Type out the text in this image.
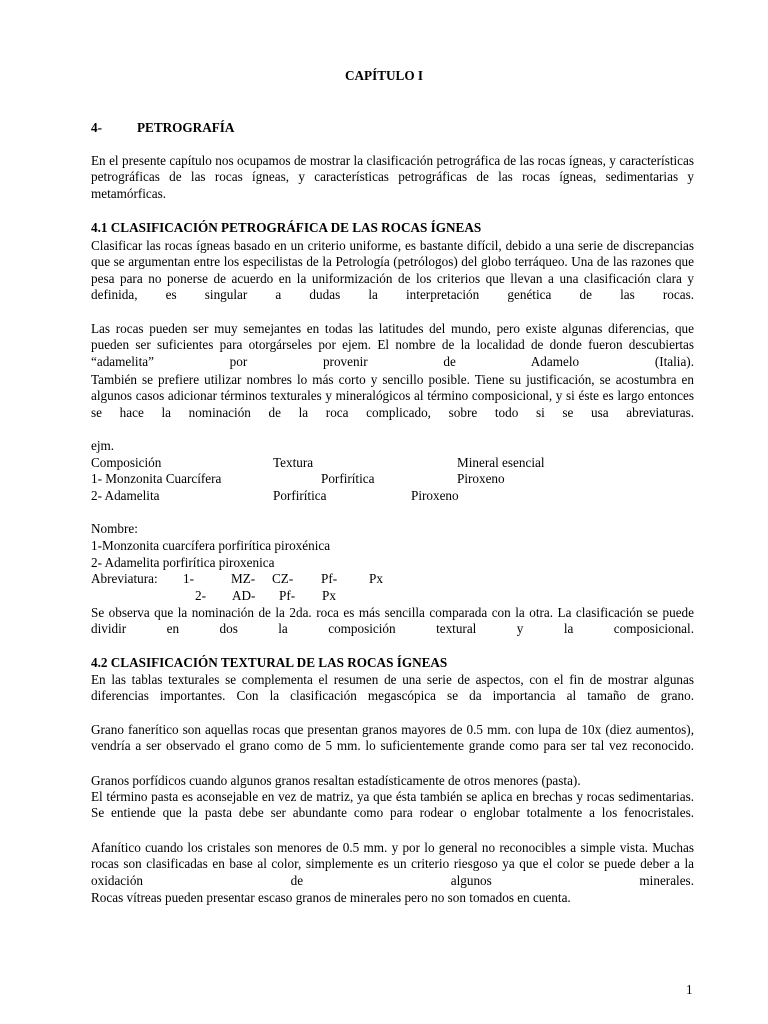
CAPÍTULO I
4-	PETROGRAFÍA
En el presente capítulo nos ocupamos de mostrar la clasificación petrográfica de las rocas ígneas, y características petrográficas de las rocas ígneas, y características petrográficas de las rocas ígneas, sedimentarias y metamórficas.
4.1 CLASIFICACIÓN PETROGRÁFICA DE LAS ROCAS ÍGNEAS
Clasificar las rocas ígneas basado en un criterio uniforme, es bastante difícil, debido a una serie de discrepancias que se argumentan entre los especilistas de la Petrología (petrólogos) del globo terráqueo. Una de las razones que pesa para no ponerse de acuerdo en la uniformización de los criterios que llevan a una clasificación clara y definida, es singular a dudas la interpretación genética de las rocas.
Las rocas pueden ser muy semejantes en todas las latitudes del mundo, pero existe algunas diferencias, que pueden ser suficientes para otorgárseles por ejem. El nombre de la localidad de donde fueron descubiertas “adamelita” por provenir de Adamelo (Italia).
También se prefiere utilizar nombres lo más corto y sencillo posible. Tiene su justificación, se acostumbra en algunos casos adicionar términos texturales y mineralógicos al término composicional, y si éste es largo entonces se hace la nominación de la roca complicado, sobre todo si se usa abreviaturas.
ejm.
Composición	Textura	Mineral esencial
1- Monzonita Cuarcífera	Porfirítica	Piroxeno
2- Adamelita	Porfirítica	Piroxeno
Nombre:
1-Monzonita cuarcífera porfirítica piroxénica
2- Adamelita porfirítica piroxenica
Abreviatura: 1-	MZ- CZ- Pf- Px
2- AD- Pf- Px
Se observa que la nominación de la 2da. roca es más sencilla comparada con la otra. La clasificación se puede dividir en dos la composición textural y la composicional.
4.2 CLASIFICACIÓN TEXTURAL DE LAS ROCAS ÍGNEAS
En las tablas texturales se complementa el resumen de una serie de aspectos, con el fin de mostrar algunas diferencias importantes. Con la clasificación megascópica se da importancia al tamaño de grano.
Grano fanerítico son aquellas rocas que presentan granos mayores de 0.5 mm. con lupa de 10x (diez aumentos), vendría a ser observado el grano como de 5 mm. lo suficientemente grande como para ser tal vez reconocido.
Granos porfídicos cuando algunos granos resaltan estadísticamente de otros menores (pasta).
El término pasta es aconsejable en vez de matriz, ya que ésta también se aplica en brechas y rocas sedimentarias. Se entiende que la pasta debe ser abundante como para rodear o englobar totalmente a los fenocristales.
Afanítico cuando los cristales son menores de 0.5 mm. y por lo general no reconocibles a simple vista. Muchas rocas son clasificadas en base al color, simplemente es un criterio riesgoso ya que el color se puede deber a la oxidación de algunos minerales.
Rocas vítreas pueden presentar escaso granos de minerales pero no son tomados en cuenta.
1
